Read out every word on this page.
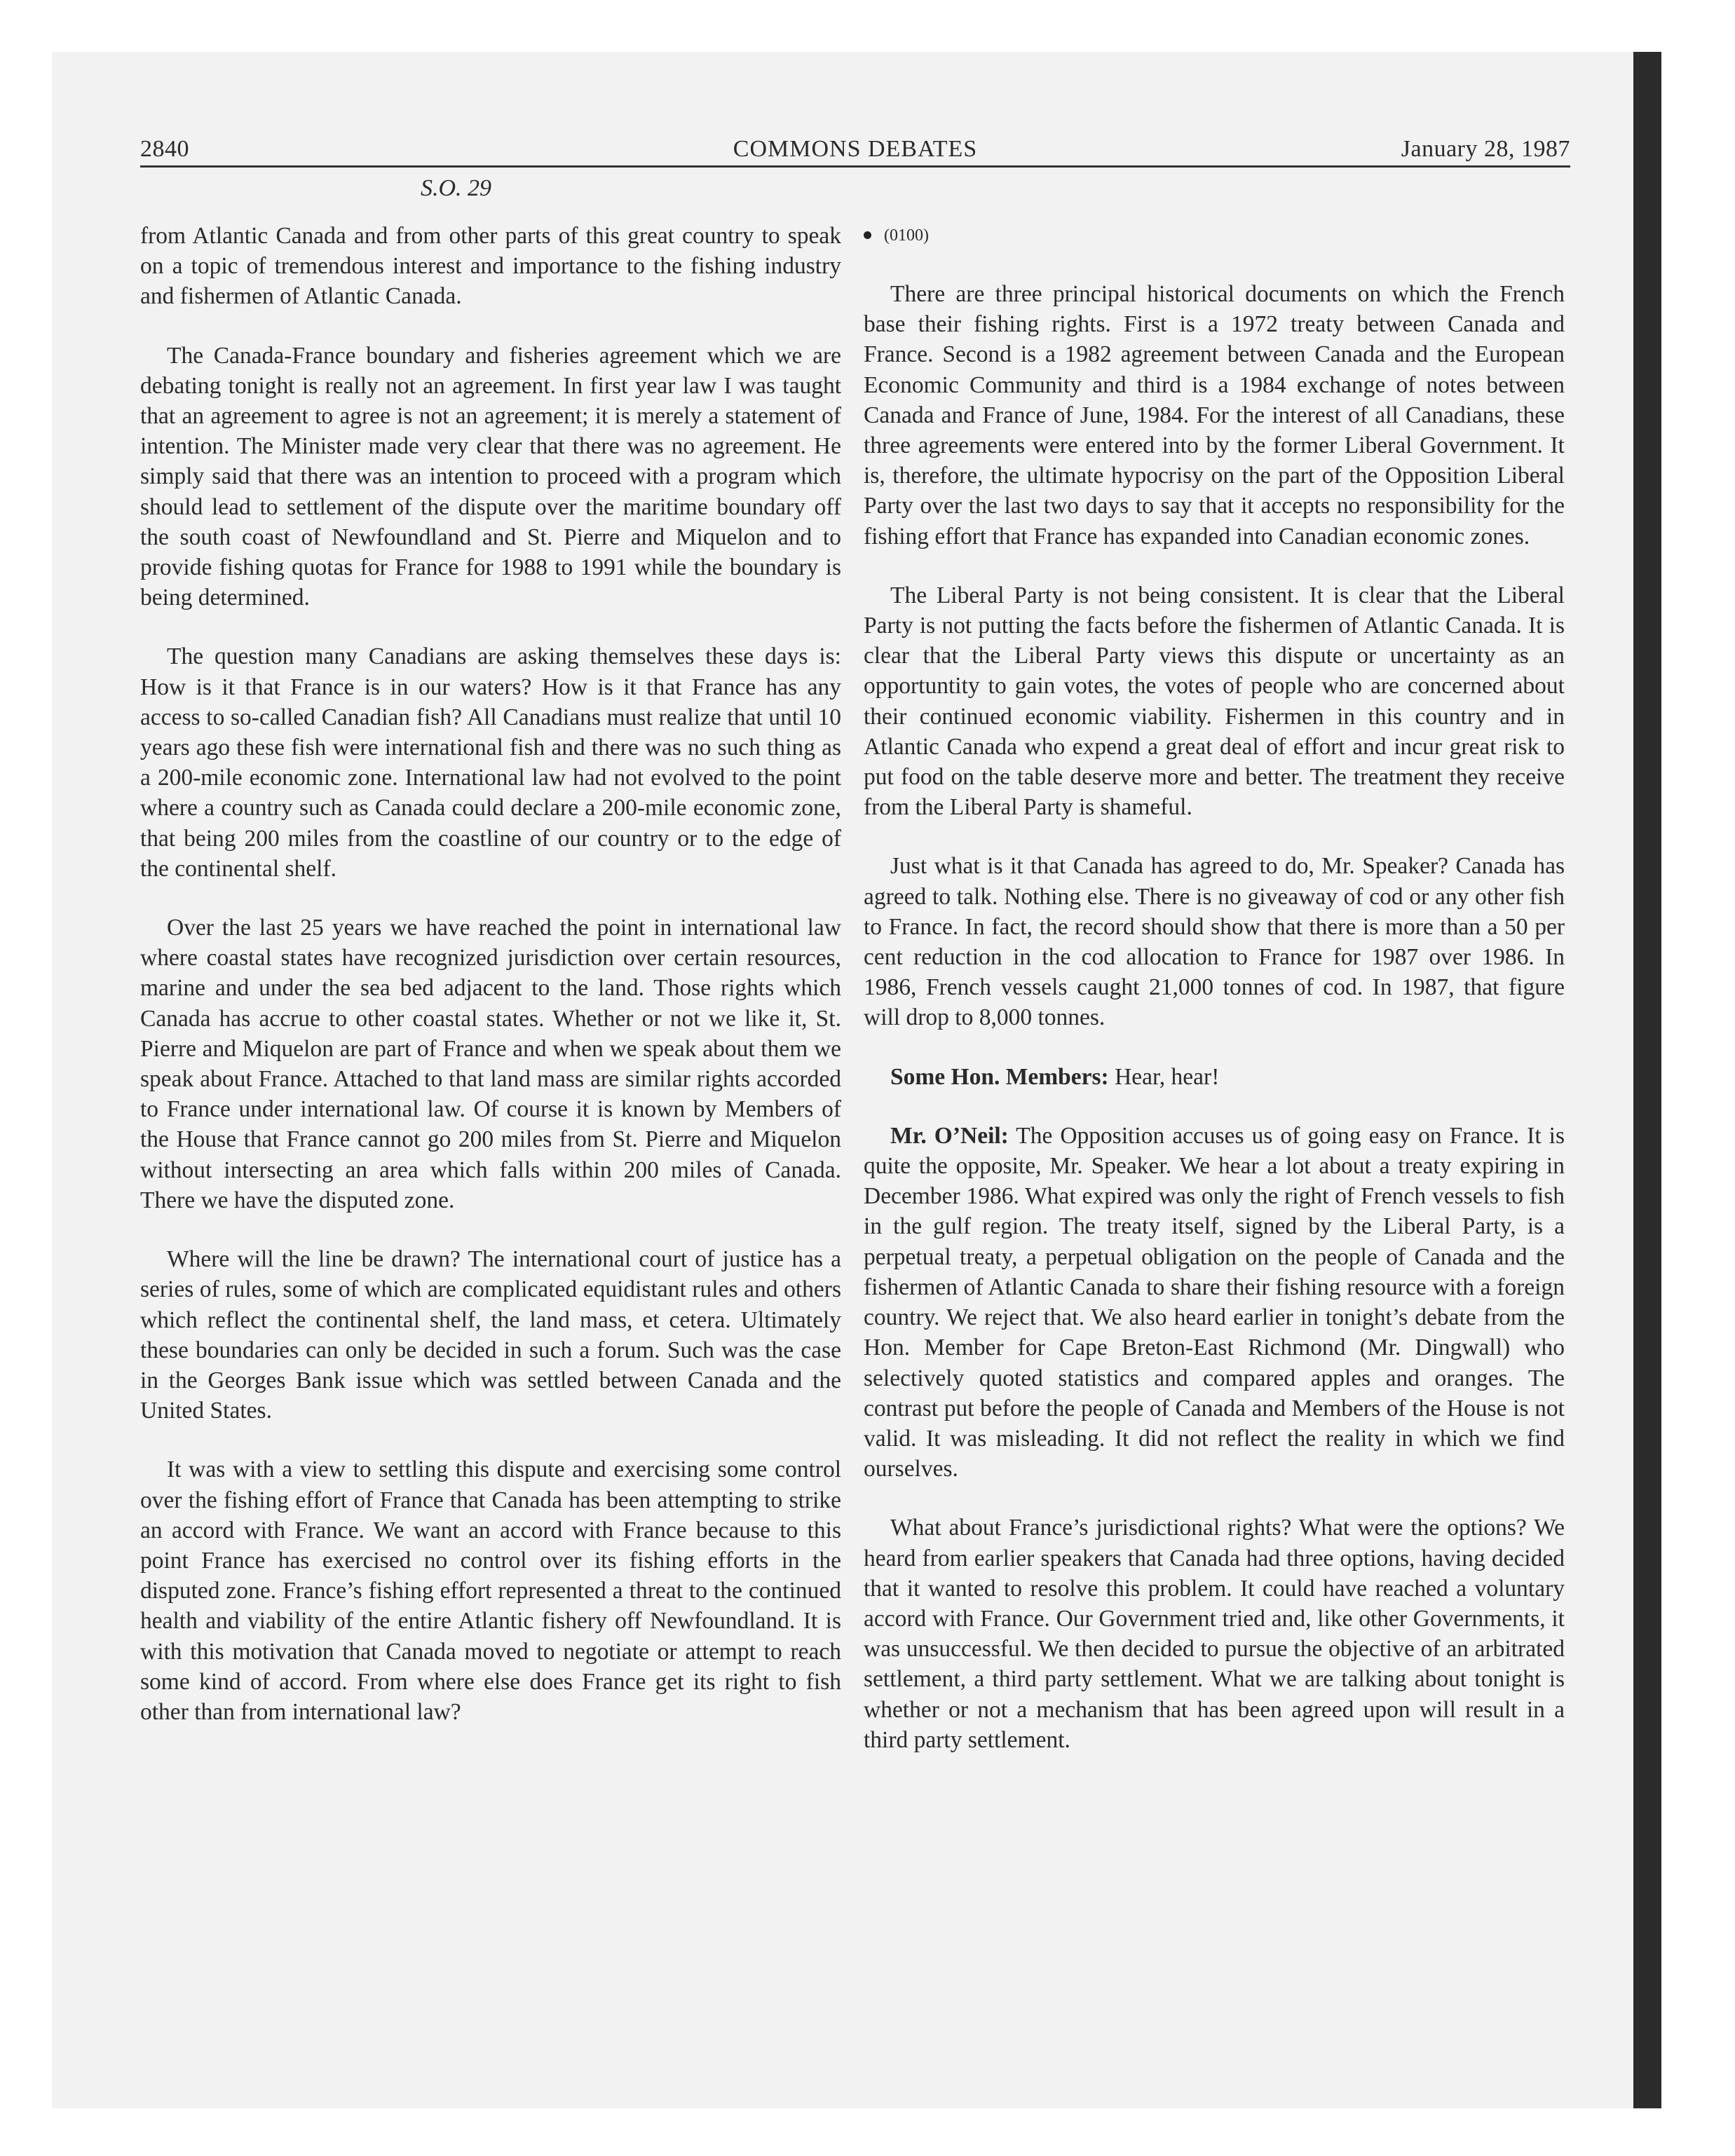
2840	COMMONS DEBATES	January 28, 1987
S.O. 29

from Atlantic Canada and from other parts of this great country to speak on a topic of tremendous interest and importance to the fishing industry and fishermen of Atlantic Canada.

The Canada-France boundary and fisheries agreement which we are debating tonight is really not an agreement. In first year law I was taught that an agreement to agree is not an agreement; it is merely a statement of intention. The Minister made very clear that there was no agreement. He simply said that there was an intention to proceed with a program which should lead to settlement of the dispute over the maritime boundary off the south coast of Newfoundland and St. Pierre and Miquelon and to provide fishing quotas for France for 1988 to 1991 while the boundary is being determined.

The question many Canadians are asking themselves these days is: How is it that France is in our waters? How is it that France has any access to so-called Canadian fish? All Canadians must realize that until 10 years ago these fish were international fish and there was no such thing as a 200-mile economic zone. International law had not evolved to the point where a country such as Canada could declare a 200-mile economic zone, that being 200 miles from the coastline of our country or to the edge of the continental shelf.

Over the last 25 years we have reached the point in international law where coastal states have recognized jurisdiction over certain resources, marine and under the sea bed adjacent to the land. Those rights which Canada has accrue to other coastal states. Whether or not we like it, St. Pierre and Miquelon are part of France and when we speak about them we speak about France. Attached to that land mass are similar rights accorded to France under international law. Of course it is known by Members of the House that France cannot go 200 miles from St. Pierre and Miquelon without intersecting an area which falls within 200 miles of Canada. There we have the disputed zone.

Where will the line be drawn? The international court of justice has a series of rules, some of which are complicated equidistant rules and others which reflect the continental shelf, the land mass, et cetera. Ultimately these boundaries can only be decided in such a forum. Such was the case in the Georges Bank issue which was settled between Canada and the United States.

It was with a view to settling this dispute and exercising some control over the fishing effort of France that Canada has been attempting to strike an accord with France. We want an accord with France because to this point France has exercised no control over its fishing efforts in the disputed zone. France’s fishing effort represented a threat to the continued health and viability of the entire Atlantic fishery off Newfoundland. It is with this motivation that Canada moved to negotiate or attempt to reach some kind of accord. From where else does France get its right to fish other than from international law?

(0100)

There are three principal historical documents on which the French base their fishing rights. First is a 1972 treaty between Canada and France. Second is a 1982 agreement between Canada and the European Economic Community and third is a 1984 exchange of notes between Canada and France of June, 1984. For the interest of all Canadians, these three agreements were entered into by the former Liberal Government. It is, therefore, the ultimate hypocrisy on the part of the Opposition Liberal Party over the last two days to say that it accepts no responsibility for the fishing effort that France has expanded into Canadian economic zones.

The Liberal Party is not being consistent. It is clear that the Liberal Party is not putting the facts before the fishermen of Atlantic Canada. It is clear that the Liberal Party views this dispute or uncertainty as an opportuntity to gain votes, the votes of people who are concerned about their continued economic viability. Fishermen in this country and in Atlantic Canada who expend a great deal of effort and incur great risk to put food on the table deserve more and better. The treatment they receive from the Liberal Party is shameful.

Just what is it that Canada has agreed to do, Mr. Speaker? Canada has agreed to talk. Nothing else. There is no giveaway of cod or any other fish to France. In fact, the record should show that there is more than a 50 per cent reduction in the cod allocation to France for 1987 over 1986. In 1986, French vessels caught 21,000 tonnes of cod. In 1987, that figure will drop to 8,000 tonnes.

Some Hon. Members: Hear, hear!

Mr. O’Neil: The Opposition accuses us of going easy on France. It is quite the opposite, Mr. Speaker. We hear a lot about a treaty expiring in December 1986. What expired was only the right of French vessels to fish in the gulf region. The treaty itself, signed by the Liberal Party, is a perpetual treaty, a perpetual obligation on the people of Canada and the fishermen of Atlantic Canada to share their fishing resource with a foreign country. We reject that. We also heard earlier in tonight’s debate from the Hon. Member for Cape Breton-East Richmond (Mr. Dingwall) who selectively quoted statistics and compared apples and oranges. The contrast put before the people of Canada and Members of the House is not valid. It was misleading. It did not reflect the reality in which we find ourselves.

What about France’s jurisdictional rights? What were the options? We heard from earlier speakers that Canada had three options, having decided that it wanted to resolve this problem. It could have reached a voluntary accord with France. Our Government tried and, like other Governments, it was unsuccessful. We then decided to pursue the objective of an arbitrated settlement, a third party settlement. What we are talking about tonight is whether or not a mechanism that has been agreed upon will result in a third party settlement.
